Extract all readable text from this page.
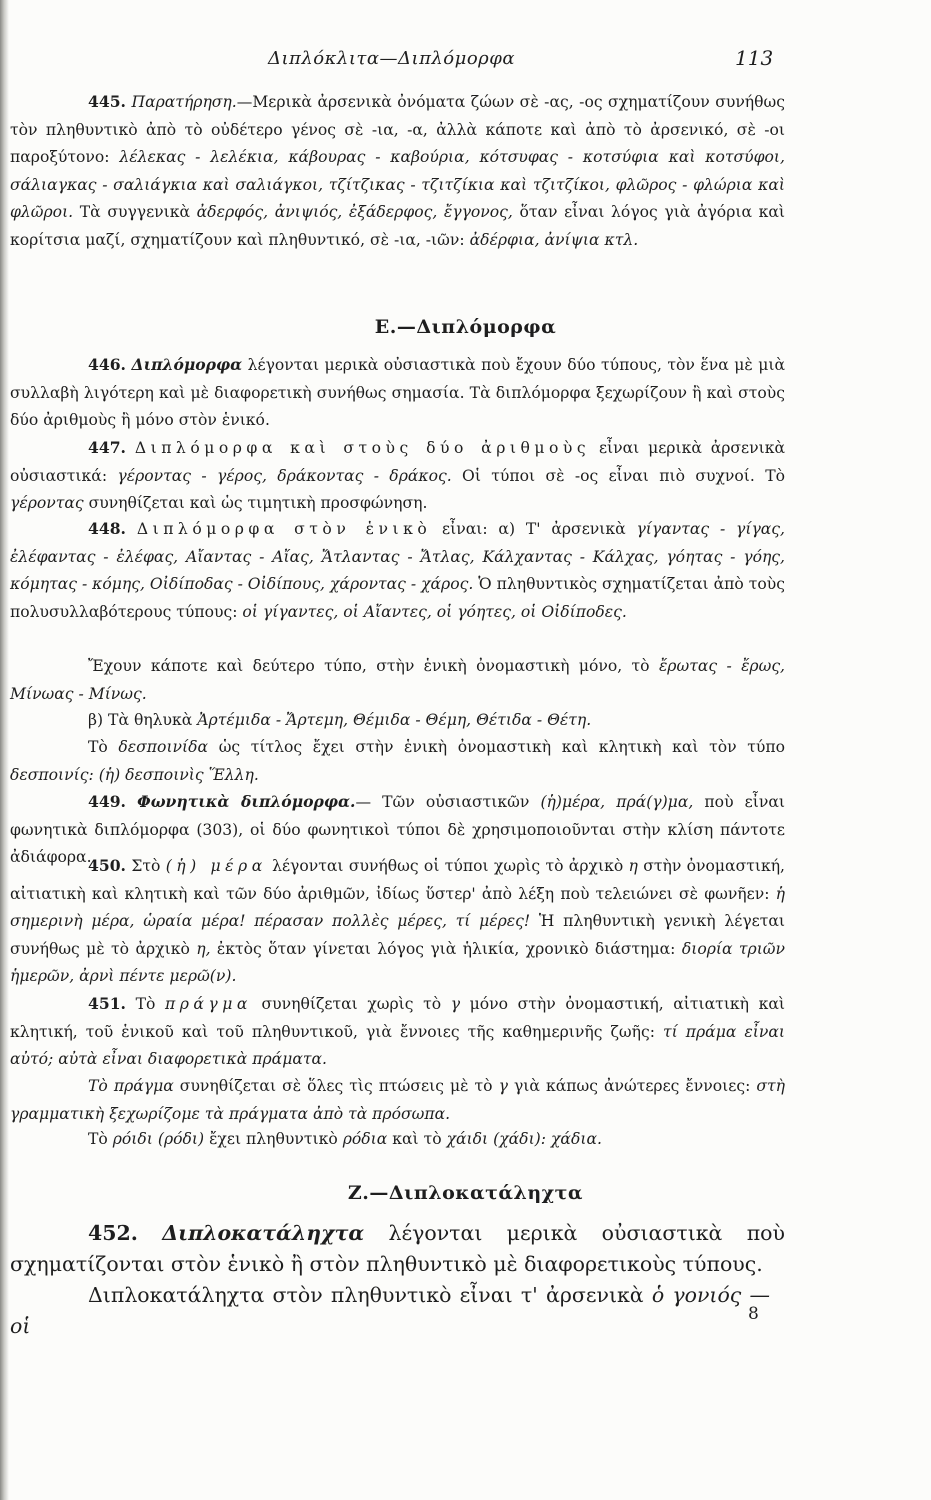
Διπλόκλιτα—Διπλόμορφα	113

445. Παρατήρηση.—Μερικὰ ἀρσενικὰ ὀνόματα ζώων σὲ -ας, -ος σχηματίζουν συνήθως τὸν πληθυντικὸ ἀπὸ τὸ οὐδέτερο γένος σὲ -ια, -α, ἀλλὰ κάποτε καὶ ἀπὸ τὸ ἀρσενικό, σὲ -οι παροξύτονο: λέλεκας - λελέκια, κάβουρας - καβούρια, κότσυφας - κοτσύφια καὶ κοτσύφοι, σάλιαγκας - σαλιάγκια καὶ σαλιάγκοι, τζίτζικας - τζιτζίκια καὶ τζιτζίκοι, φλῶρος - φλώρια καὶ φλῶροι. Τὰ συγγενικὰ ἀδερφός, ἀνιψιός, ἐξάδερφος, ἔγγονος, ὅταν εἶναι λόγος γιὰ ἀγόρια καὶ κορίτσια μαζί, σχηματίζουν καὶ πληθυντικό, σὲ -ια, -ιῶν: ἀδέρφια, ἀνίψια κτλ.

Ε.—Διπλόμορφα

446. Διπλόμορφα λέγονται μερικὰ οὐσιαστικὰ ποὺ ἔχουν δύο τύπους, τὸν ἕνα μὲ μιὰ συλλαβὴ λιγότερη καὶ μὲ διαφορετικὴ συνήθως σημασία. Τὰ διπλόμορφα ξεχωρίζουν ἢ καὶ στοὺς δύο ἀριθμοὺς ἢ μόνο στὸν ἑνικό.

447. Διπλόμορφα καὶ στοὺς δύο ἀριθμοὺς εἶναι μερικὰ ἀρσενικὰ οὐσιαστικά: γέροντας - γέρος, δράκοντας - δράκος. Οἱ τύποι σὲ -ος εἶναι πιὸ συχνοί. Τὸ γέροντας συνηθίζεται καὶ ὡς τιμητικὴ προσφώνηση.

448. Διπλόμορφα στὸν ἑνικὸ εἶναι: α) Τ' ἀρσενικὰ γίγαντας - γίγας, ἐλέφαντας - ἐλέφας, Αἴαντας - Αἴας, Ἄτλαντας - Ἄτλας, Κάλχαντας - Κάλχας, γόητας - γόης, κόμητας - κόμης, Οἰδίποδας - Οἰδίπους, χάροντας - χάρος. Ὁ πληθυντικὸς σχηματίζεται ἀπὸ τοὺς πολυσυλλαβότερους τύπους: οἱ γίγαντες, οἱ Αἴαντες, οἱ γόητες, οἱ Οἰδίποδες.

Ἔχουν κάποτε καὶ δεύτερο τύπο, στὴν ἑνικὴ ὀνομαστικὴ μόνο, τὸ ἔρωτας - ἔρως, Μίνωας - Μίνως.

β) Τὰ θηλυκὰ Ἀρτέμιδα - Ἄρτεμη, Θέμιδα - Θέμη, Θέτιδα - Θέτη.

Τὸ δεσποινίδα ὡς τίτλος ἔχει στὴν ἑνικὴ ὀνομαστικὴ καὶ κλητικὴ καὶ τὸν τύπο δεσποινίς: (ἡ) δεσποινὶς Ἕλλη.

449. Φωνητικὰ διπλόμορφα.— Τῶν οὐσιαστικῶν (ἡ)μέρα, πρά(γ)μα, ποὺ εἶναι φωνητικὰ διπλόμορφα (303), οἱ δύο φωνητικοὶ τύποι δὲ χρησιμοποιοῦνται στὴν κλίση πάντοτε ἀδιάφορα.

450. Στὸ (ἡ) μέρα λέγονται συνήθως οἱ τύποι χωρὶς τὸ ἀρχικὸ η στὴν ὀνομαστική, αἰτιατικὴ καὶ κλητικὴ καὶ τῶν δύο ἀριθμῶν, ἰδίως ὕστερ' ἀπὸ λέξη ποὺ τελειώνει σὲ φωνῆεν: ἡ σημερινὴ μέρα, ὡραία μέρα! πέρασαν πολλὲς μέρες, τί μέρες! Ἡ πληθυντικὴ γενικὴ λέγεται συνήθως μὲ τὸ ἀρχικὸ η, ἐκτὸς ὅταν γίνεται λόγος γιὰ ἡλικία, χρονικὸ διάστημα: διορία τριῶν ἡμερῶν, ἀρνὶ πέντε μερῶ(ν).

451. Τὸ πράγμα συνηθίζεται χωρὶς τὸ γ μόνο στὴν ὀνομαστική, αἰτιατικὴ καὶ κλητική, τοῦ ἑνικοῦ καὶ τοῦ πληθυντικοῦ, γιὰ ἔννοιες τῆς καθημερινῆς ζωῆς: τί πράμα εἶναι αὐτό; αὐτὰ εἶναι διαφορετικὰ πράματα.

Τὸ πράγμα συνηθίζεται σὲ ὅλες τὶς πτώσεις μὲ τὸ γ γιὰ κάπως ἀνώτερες ἔννοιες: στὴ γραμματικὴ ξεχωρίζομε τὰ πράγματα ἀπὸ τὰ πρόσωπα.

Τὸ ρόιδι (ρόδι) ἔχει πληθυντικὸ ρόδια καὶ τὸ χάιδι (χάδι): χάδια.

Ζ.—Διπλοκατάληχτα

452. Διπλοκατάληχτα λέγονται μερικὰ οὐσιαστικὰ ποὺ σχηματίζονται στὸν ἑνικὸ ἢ στὸν πληθυντικὸ μὲ διαφορετικοὺς τύπους.

Διπλοκατάληχτα στὸν πληθυντικὸ εἶναι τ' ἀρσενικὰ ὁ γονιός — οἱ	8
